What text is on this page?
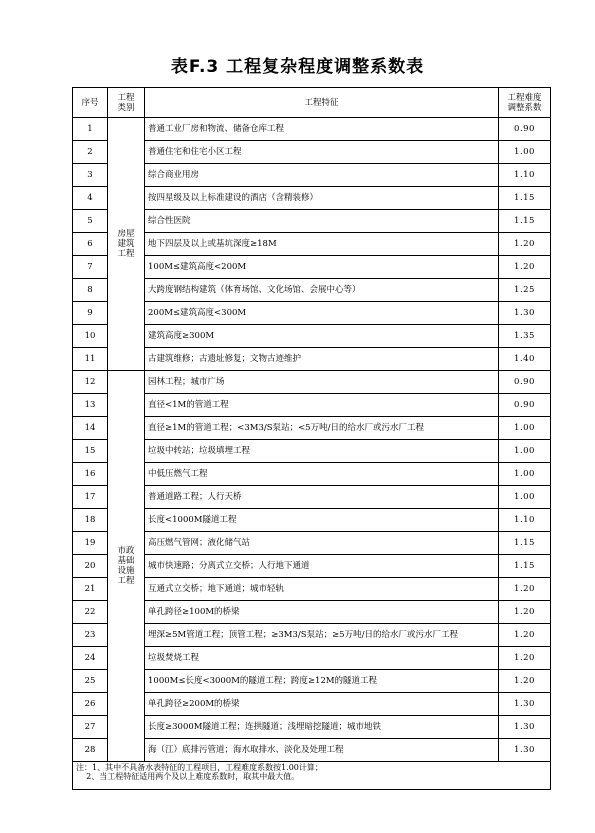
表F.3 工程复杂程度调整系数表
序号	工程类别	工程特征	工程难度调整系数
1	房屋建筑工程	普通工业厂房和物流、储备仓库工程	0.90
2		普通住宅和住宅小区工程	1.00
3		综合商业用房	1.10
4		按四星级及以上标准建设的酒店（含精装修）	1.15
5		综合性医院	1.15
6		地下四层及以上或基坑深度≥18M	1.20
7		100M≤建筑高度<200M	1.20
8		大跨度钢结构建筑（体育场馆、文化场馆、会展中心等）	1.25
9		200M≤建筑高度<300M	1.30
10		建筑高度≥300M	1.35
11		古建筑维修；古遗址修复；文物古迹维护	1.40
12	市政基础设施工程	园林工程；城市广场	0.90
13		直径<1M的管道工程	0.90
14		直径≥1M的管道工程；<3M3/S泵站；<5万吨/日的给水厂或污水厂工程	1.00
15		垃圾中转站；垃圾填埋工程	1.00
16		中低压燃气工程	1.00
17		普通道路工程；人行天桥	1.00
18		长度<1000M隧道工程	1.10
19		高压燃气管网；液化储气站	1.15
20		城市快速路；分离式立交桥；人行地下通道	1.15
21		互通式立交桥；地下通道；城市轻轨	1.20
22		单孔跨径≥100M的桥梁	1.20
23		埋深≥5M管道工程；顶管工程；≥3M3/S泵站；≥5万吨/日的给水厂或污水厂工程	1.20
24		垃圾焚烧工程	1.20
25		1000M≤长度<3000M的隧道工程；跨度≥12M的隧道工程	1.20
26		单孔跨径≥200M的桥梁	1.30
27		长度≥3000M隧道工程；连拱隧道；浅埋暗挖隧道；城市地铁	1.30
28		海（江）底排污管道；海水取排水、淡化及处理工程	1.30

注：1、其中不具备水表特征的工程项目，工程难度系数按1.00计算；
2、当工程特征适用两个及以上难度系数时，取其中最大值。			
